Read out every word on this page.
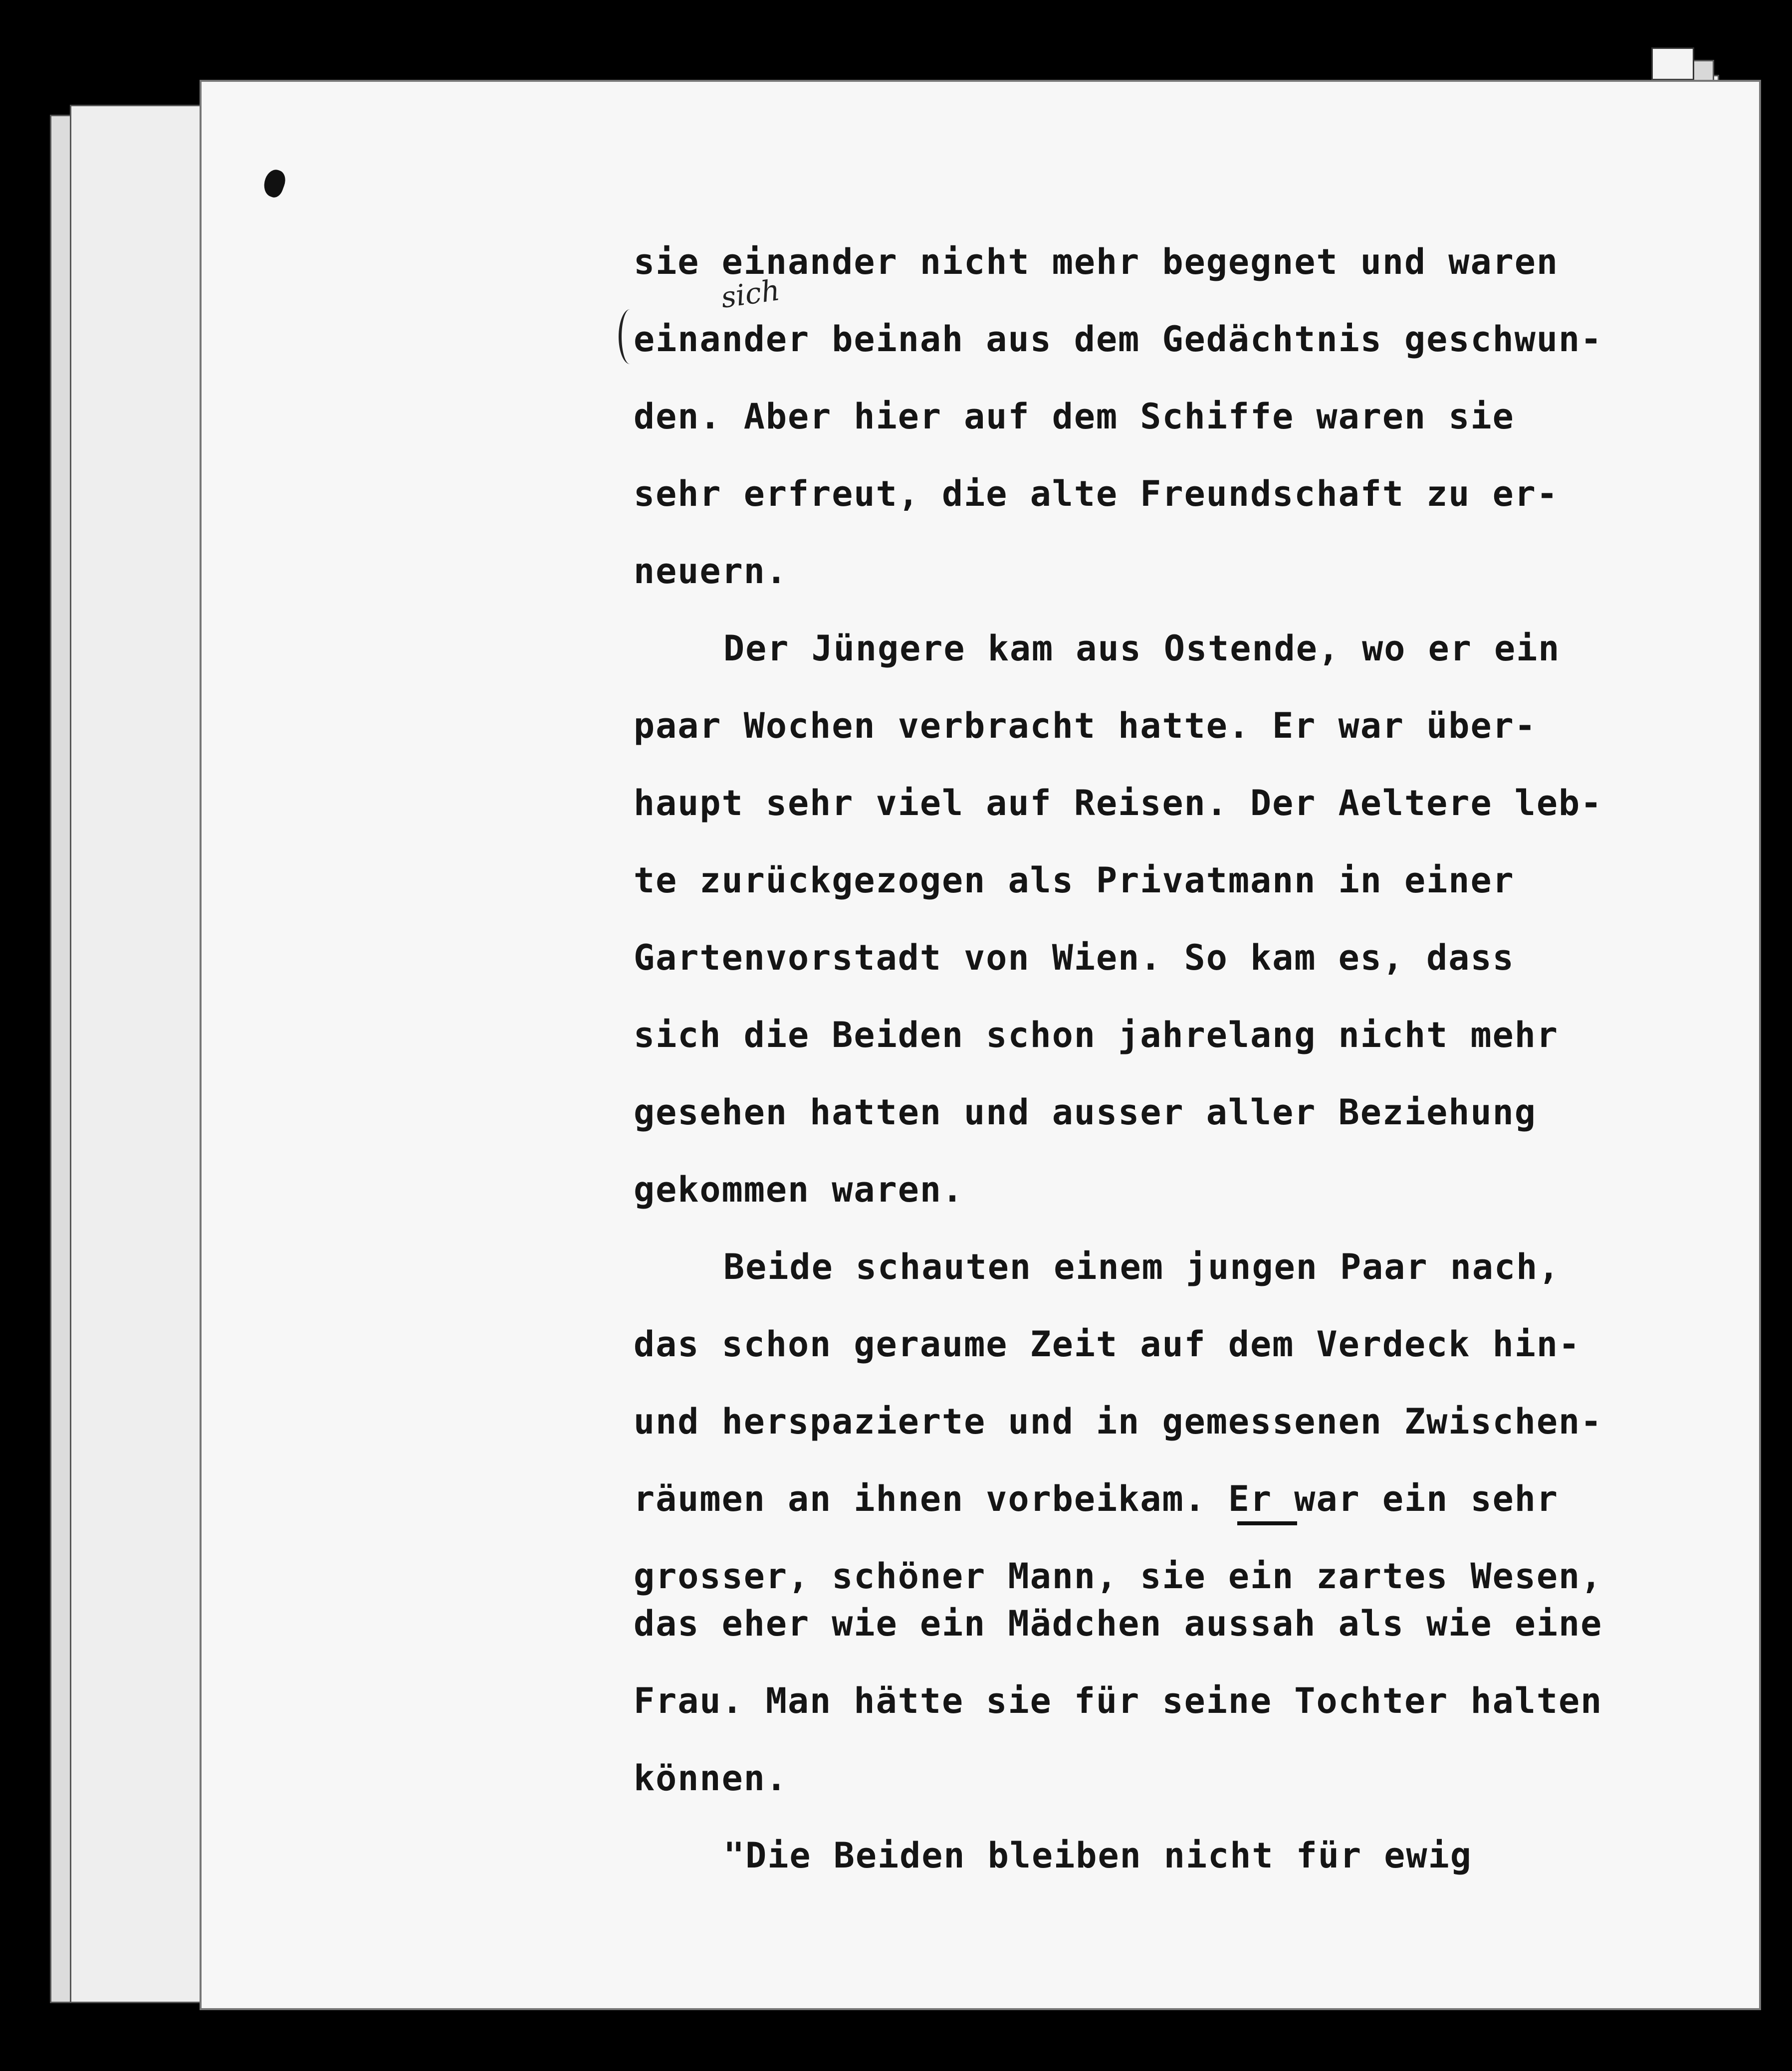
sich
sie einander nicht mehr begegnet und waren
einander beinah aus dem Gedächtnis geschwun-
den. Aber hier auf dem Schiffe waren sie
sehr erfreut, die alte Freundschaft zu er-
neuern.
Der Jüngere kam aus Ostende, wo er ein
paar Wochen verbracht hatte. Er war über-
haupt sehr viel auf Reisen. Der Aeltere leb-
te zurückgezogen als Privatmann in einer
Gartenvorstadt von Wien. So kam es, dass
sich die Beiden schon jahrelang nicht mehr
gesehen hatten und ausser aller Beziehung
gekommen waren.
Beide schauten einem jungen Paar nach,
das schon geraume Zeit auf dem Verdeck hin-
und herspazierte und in gemessenen Zwischen-
räumen an ihnen vorbeikam. Er war ein sehr
grosser, schöner Mann, sie ein zartes Wesen,
das eher wie ein Mädchen aussah als wie eine
Frau. Man hätte sie für seine Tochter halten
können.
"Die Beiden bleiben nicht für ewig
